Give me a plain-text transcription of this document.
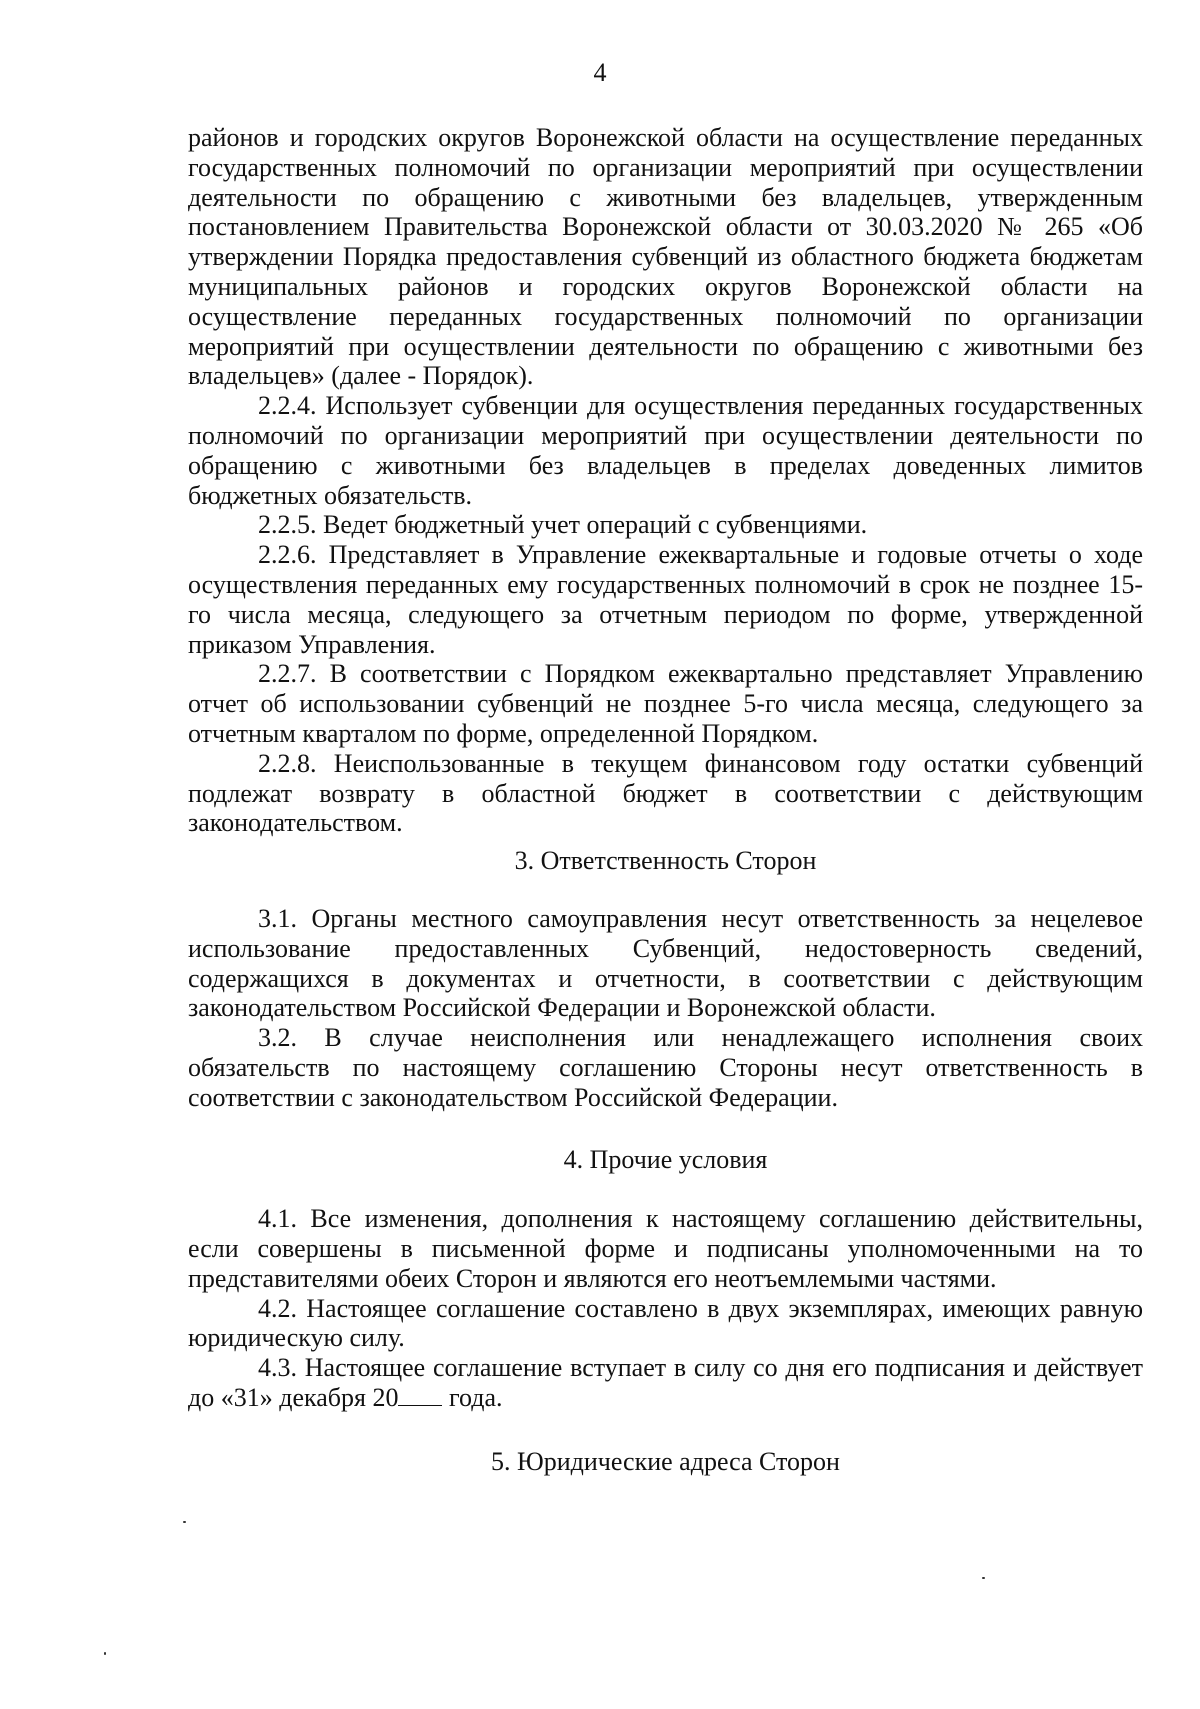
4

районов и городских округов Воронежской области на осуществление переданных государственных полномочий по организации мероприятий при осуществлении деятельности по обращению с животными без владельцев, утвержденным постановлением Правительства Воронежской области от 30.03.2020 № 265 «Об утверждении Порядка предоставления субвенций из областного бюджета бюджетам муниципальных районов и городских округов Воронежской области на осуществление переданных государственных полномочий по организации мероприятий при осуществлении деятельности по обращению с животными без владельцев» (далее - Порядок).

2.2.4. Использует субвенции для осуществления переданных государственных полномочий по организации мероприятий при осуществлении деятельности по обращению с животными без владельцев в пределах доведенных лимитов бюджетных обязательств.

2.2.5. Ведет бюджетный учет операций с субвенциями.

2.2.6. Представляет в Управление ежеквартальные и годовые отчеты о ходе осуществления переданных ему государственных полномочий в срок не позднее 15-го числа месяца, следующего за отчетным периодом по форме, утвержденной приказом Управления.

2.2.7. В соответствии с Порядком ежеквартально представляет Управлению отчет об использовании субвенций не позднее 5-го числа месяца, следующего за отчетным кварталом по форме, определенной Порядком.

2.2.8. Неиспользованные в текущем финансовом году остатки субвенций подлежат возврату в областной бюджет в соответствии с действующим законодательством.

3. Ответственность Сторон

3.1. Органы местного самоуправления несут ответственность за нецелевое использование предоставленных Субвенций, недостоверность сведений, содержащихся в документах и отчетности, в соответствии с действующим законодательством Российской Федерации и Воронежской области.

3.2. В случае неисполнения или ненадлежащего исполнения своих обязательств по настоящему соглашению Стороны несут ответственность в соответствии с законодательством Российской Федерации.

4. Прочие условия

4.1. Все изменения, дополнения к настоящему соглашению действительны, если совершены в письменной форме и подписаны уполномоченными на то представителями обеих Сторон и являются его неотъемлемыми частями.

4.2. Настоящее соглашение составлено в двух экземплярах, имеющих равную юридическую силу.

4.3. Настоящее соглашение вступает в силу со дня его подписания и действует до «31» декабря 20 года.

5. Юридические адреса Сторон
